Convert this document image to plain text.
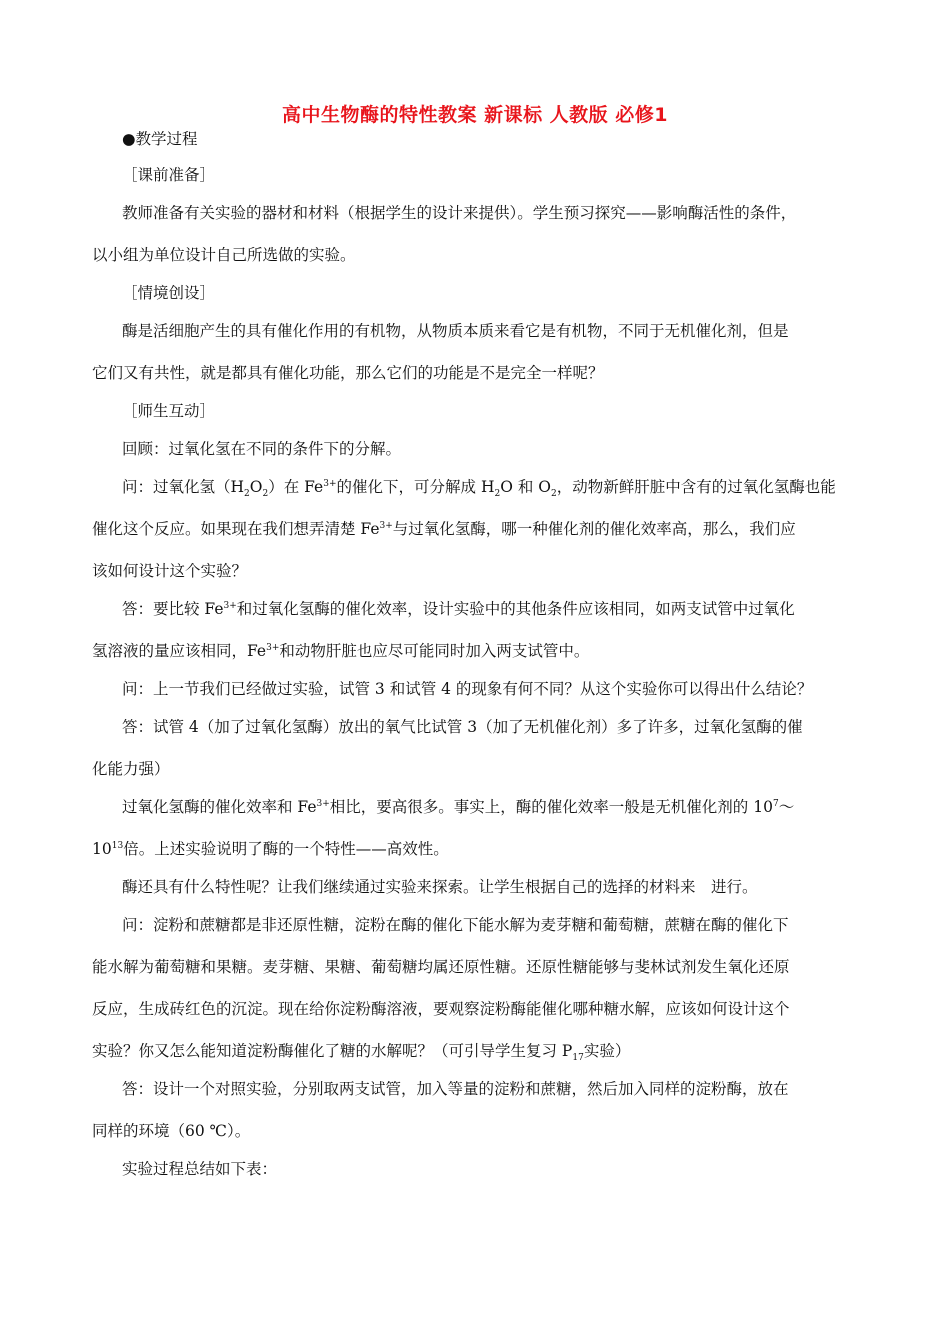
高中生物酶的特性教案 新课标 人教版 必修1
●教学过程
［课前准备］
教师准备有关实验的器材和材料（根据学生的设计来提供）。学生预习探究——影响酶活性的条件，
以小组为单位设计自己所选做的实验。
［情境创设］
酶是活细胞产生的具有催化作用的有机物，从物质本质来看它是有机物，不同于无机催化剂，但是
它们又有共性，就是都具有催化功能，那么它们的功能是不是完全一样呢？
［师生互动］
回顾：过氧化氢在不同的条件下的分解。
问：过氧化氢$(H_2O_2)$在 $Fe^{3+}$的催化下，可分解成 $H_2O$ 和 $O_2$，动物新鲜肝脏中含有的过氧化氢酶也能
催化这个反应。如果现在我们想弄清楚 $Fe^{3+}$与过氧化氢酶，哪一种催化剂的催化效率高，那么，我们应
该如何设计这个实验？
答：要比较 $Fe^{3+}$和过氧化氢酶的催化效率，设计实验中的其他条件应该相同，如两支试管中过氧化
氢溶液的量应该相同，$Fe^{3+}$和动物肝脏也应尽可能同时加入两支试管中。
问：上一节我们已经做过实验，试管 3 和试管 4 的现象有何不同？从这个实验你可以得出什么结论？
答：试管 4（加了过氧化氢酶）放出的氧气比试管 3（加了无机催化剂）多了许多，过氧化氢酶的催
化能力强）
过氧化氢酶的催化效率和 $Fe^{3+}$相比，要高很多。事实上，酶的催化效率一般是无机催化剂的 $10^7\sim$
$10^{13}$倍。上述实验说明了酶的一个特性——高效性。
酶还具有什么特性呢？让我们继续通过实验来探索。让学生根据自己的选择的材料来　进行。
问：淀粉和蔗糖都是非还原性糖，淀粉在酶的催化下能水解为麦芽糖和葡萄糖，蔗糖在酶的催化下
能水解为葡萄糖和果糖。麦芽糖、果糖、葡萄糖均属还原性糖。还原性糖能够与斐林试剂发生氧化还原
反应，生成砖红色的沉淀。现在给你淀粉酶溶液，要观察淀粉酶能催化哪种糖水解，应该如何设计这个
实验？你又怎么能知道淀粉酶催化了糖的水解呢？（可引导学生复习 $P_{17}$实验）
答：设计一个对照实验，分别取两支试管，加入等量的淀粉和蔗糖，然后加入同样的淀粉酶，放在
同样的环境（60 ℃）。
实验过程总结如下表：
